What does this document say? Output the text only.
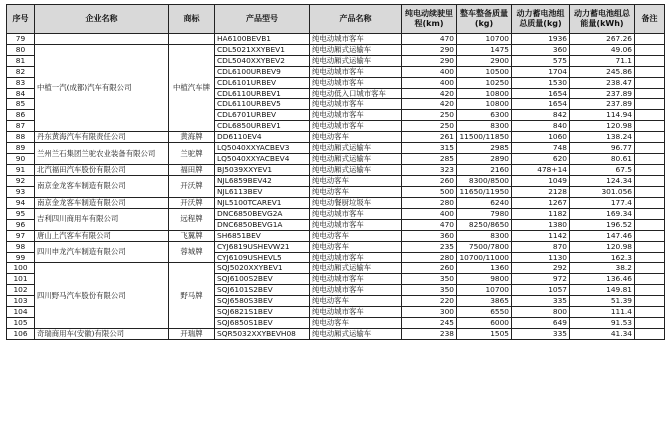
序号	企业名称	商标	产品型号	产品名称	纯电动续驶里程(km)	整车整备质量(kg)	动力蓄电池组总质量(kg)	动力蓄电池组总能量(kWh)	备注
79			HA6100BEVB1	纯电动城市客车	470	10700	1936	267.26	
80	中植一汽(成都)汽车有限公司	中植汽车牌	CDL5021XXYBEV1	纯电动厢式运输车	290	1475	360	49.06	
81			CDL5040XXYBEV2	纯电动厢式运输车	290	2900	575	71.1	
82			CDL6100URBEV9	纯电动城市客车	400	10500	1704	245.86	
83			CDL6101URBEV	纯电动城市客车	400	10250	1530	238.47	
84			CDL6110URBEV1	纯电动低入口城市客车	420	10800	1654	237.89	
85			CDL6110URBEV5	纯电动城市客车	420	10800	1654	237.89	
86			CDL6701URBEV	纯电动城市客车	250	6300	842	114.94	
87			CDL6850URBEV1	纯电动城市客车	250	8300	840	120.98	
88	丹东黄海汽车有限责任公司	黄海牌	DD6110EV4	纯电动客车	261	11500/11850	1060	138.24	
89	兰州兰石集团兰驼农业装备有限公司	兰驼牌	LQ5040XXYACBEV3	纯电动厢式运输车	315	2985	748	96.77	
90			LQ5040XXYACBEV4	纯电动厢式运输车	285	2890	620	80.61	
91	北汽福田汽车股份有限公司	福田牌	BJ5039XXYEV1	纯电动厢式运输车	323	2160	478+14	67.5	
92	南京金龙客车制造有限公司	开沃牌	NJL6859BEV42	纯电动客车	260	8300/8500	1049	124.34	
93			NJL6113BEV	纯电动客车	500	11650/11950	2128	301.056	
94	南京金龙客车制造有限公司	开沃牌	NJL5100TCAREV1	纯电动餐厨垃圾车	280	6240	1267	177.4	
95	吉利四川商用车有限公司	远程牌	DNC6850BEVG2A	纯电动城市客车	400	7980	1182	169.34	
96			DNC6850BEVG1A	纯电动城市客车	470	8250/8650	1380	196.52	
97	唐山上汽客车有限公司	飞翼牌	SH6851BEV	纯电动客车	360	8300	1142	147.46	
98	四川申龙汽车制造有限公司	蓉城牌	CYJ6819USHEVW21	纯电动客车	235	7500/7800	870	120.98	
99			CYJ6109USHEVL5	纯电动城市客车	280	10700/11000	1130	162.3	
100	四川野马汽车股份有限公司	野马牌	SQJ5020XXYBEV1	纯电动厢式运输车	260	1360	292	38.2	
101			SQJ6100S2BEV	纯电动城市客车	350	9800	972	136.46	
102			SQJ6101S2BEV	纯电动城市客车	350	10700	1057	149.81	
103			SQJ6580S3BEV	纯电动客车	220	3865	335	51.39	
104			SQJ6821S1BEV	纯电动城市客车	300	6550	800	111.4	
105			SQJ6850S1BEV	纯电动客车	245	6000	649	91.53	
106	奇瑞商用车(安徽)有限公司	开瑞牌	SQR5032XXYBEVH08	纯电动厢式运输车	238	1505	335	41.34	
